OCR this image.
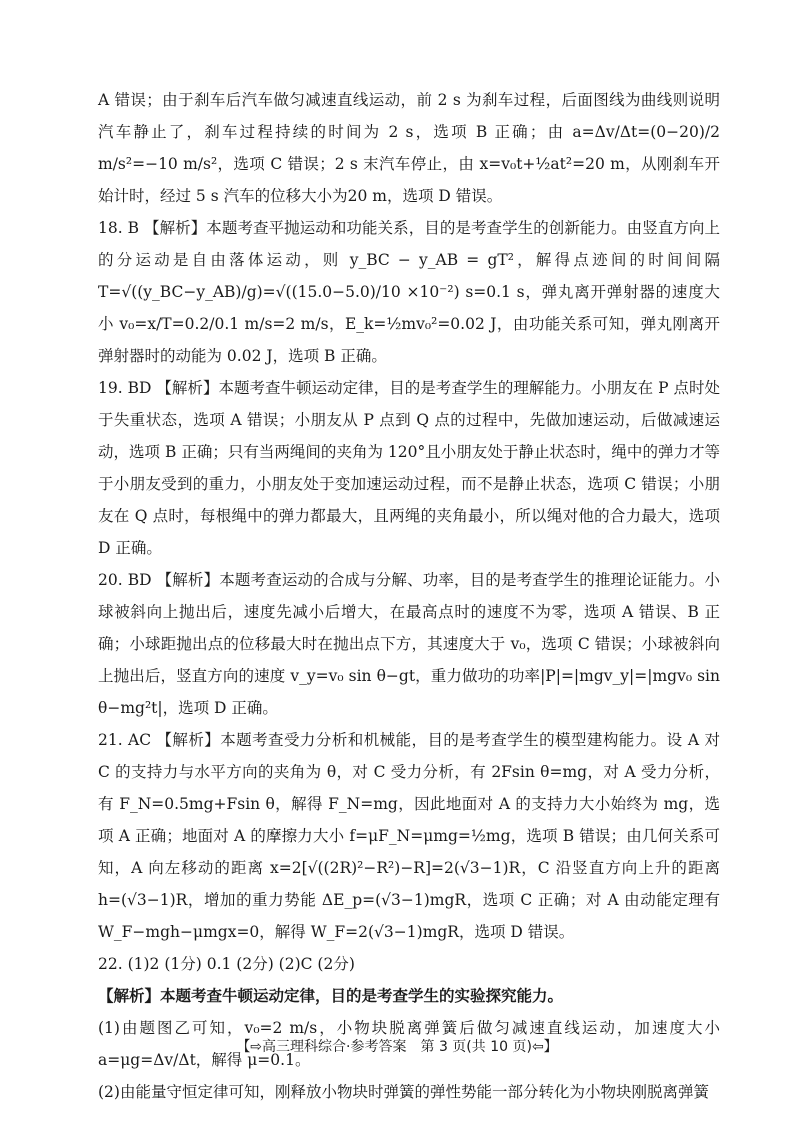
A 错误；由于刹车后汽车做匀减速直线运动，前 2 s 为刹车过程，后面图线为曲线则说明汽车静止了，刹车过程持续的时间为 2 s，选项 B 正确；由 a=Δv/Δt=(0−20)/2 m/s²=−10 m/s²，选项 C 错误；2 s 末汽车停止，由 x=v₀t+½at²=20 m，从刚刹车开始计时，经过 5 s 汽车的位移大小为20 m，选项 D 错误。

18. B 【解析】本题考查平抛运动和功能关系，目的是考查学生的创新能力。由竖直方向上的分运动是自由落体运动，则 y_BC − y_AB = gT²，解得点迹间的时间间隔 T=√((y_BC−y_AB)/g)=√((15.0−5.0)/10 ×10⁻²) s=0.1 s，弹丸离开弹射器的速度大小 v₀=x/T=0.2/0.1 m/s=2 m/s，E_k=½mv₀²=0.02 J，由功能关系可知，弹丸刚离开弹射器时的动能为 0.02 J，选项 B 正确。

19. BD 【解析】本题考查牛顿运动定律，目的是考查学生的理解能力。小朋友在 P 点时处于失重状态，选项 A 错误；小朋友从 P 点到 Q 点的过程中，先做加速运动，后做减速运动，选项 B 正确；只有当两绳间的夹角为 120°且小朋友处于静止状态时，绳中的弹力才等于小朋友受到的重力，小朋友处于变加速运动过程，而不是静止状态，选项 C 错误；小朋友在 Q 点时，每根绳中的弹力都最大，且两绳的夹角最小，所以绳对他的合力最大，选项 D 正确。

20. BD 【解析】本题考查运动的合成与分解、功率，目的是考查学生的推理论证能力。小球被斜向上抛出后，速度先减小后增大，在最高点时的速度不为零，选项 A 错误、B 正确；小球距抛出点的位移最大时在抛出点下方，其速度大于 v₀，选项 C 错误；小球被斜向上抛出后，竖直方向的速度 v_y=v₀ sin θ−gt，重力做功的功率|P|=|mgv_y|=|mgv₀ sin θ−mg²t|，选项 D 正确。

21. AC 【解析】本题考查受力分析和机械能，目的是考查学生的模型建构能力。设 A 对 C 的支持力与水平方向的夹角为 θ，对 C 受力分析，有 2Fsin θ=mg，对 A 受力分析，有 F_N=0.5mg+Fsin θ，解得 F_N=mg，因此地面对 A 的支持力大小始终为 mg，选项 A 正确；地面对 A 的摩擦力大小 f=μF_N=μmg=½mg，选项 B 错误；由几何关系可知，A 向左移动的距离 x=2[√((2R)²−R²)−R]=2(√3−1)R，C 沿竖直方向上升的距离 h=(√3−1)R，增加的重力势能 ΔE_p=(√3−1)mgR，选项 C 正确；对 A 由动能定理有 W_F−mgh−μmgx=0，解得 W_F=2(√3−1)mgR，选项 D 错误。

22. (1)2 (1分) 0.1 (2分) (2)C (2分)

【解析】本题考查牛顿运动定律，目的是考查学生的实验探究能力。

(1)由题图乙可知，v₀=2 m/s，小物块脱离弹簧后做匀减速直线运动，加速度大小 a=μg=Δv/Δt，解得 μ=0.1。

(2)由能量守恒定律可知，刚释放小物块时弹簧的弹性势能一部分转化为小物块刚脱离弹簧

【⇨高三理科综合·参考答案　第 3 页(共 10 页)⇦】
